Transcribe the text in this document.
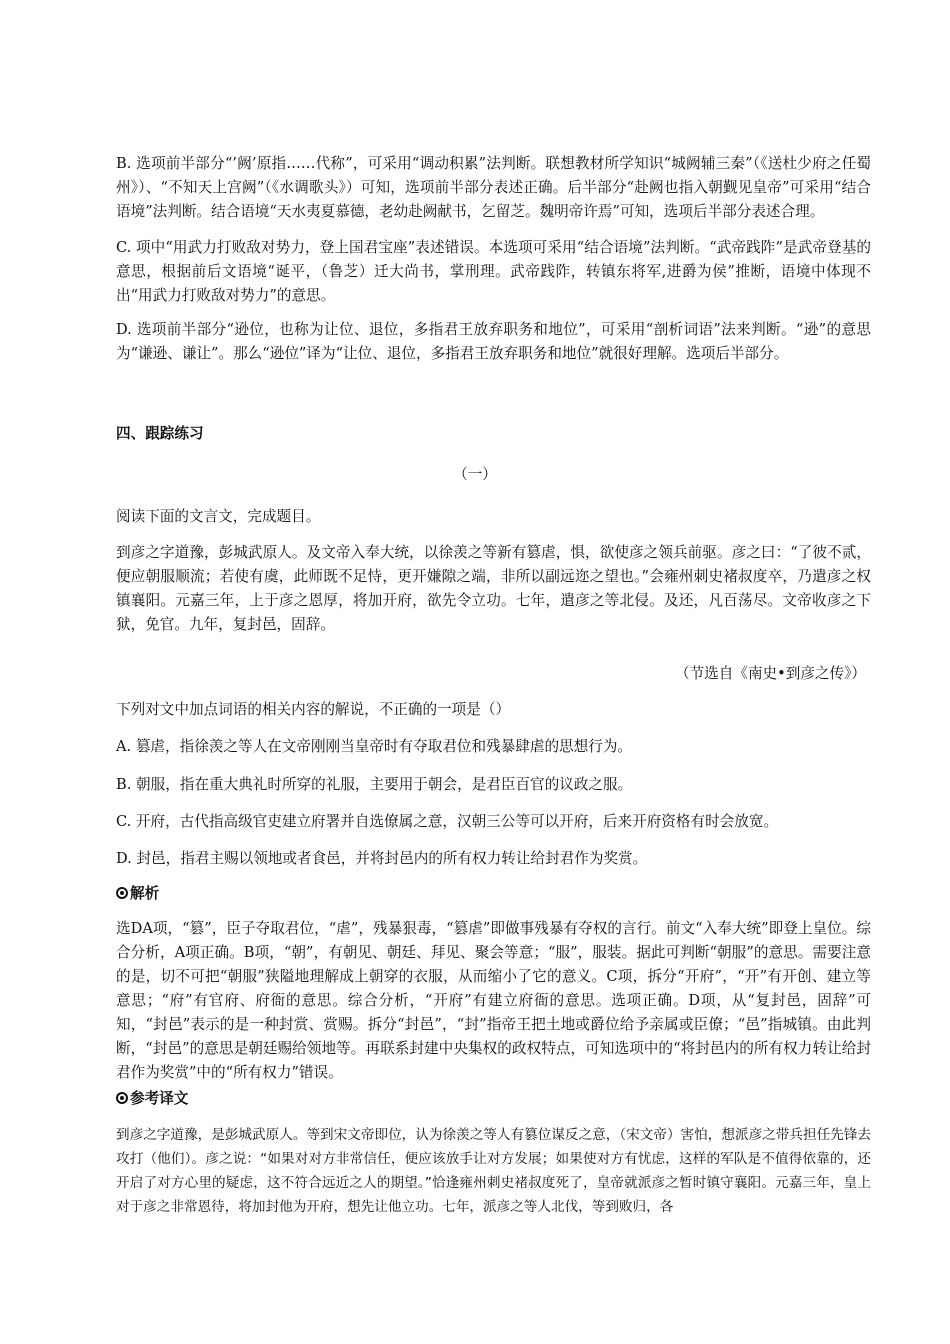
B. 选项前半部分“’阙’原指……代称”，可采用“调动积累”法判断。联想教材所学知识“城阙辅三秦”（《送杜少府之任蜀州》）、“不知天上宫阙”（《水调歌头》）可知，选项前半部分表述正确。后半部分“赴阙也指入朝觐见皇帝”可采用“结合语境”法判断。结合语境“天水夷夏慕德，老幼赴阙献书，乞留芝。魏明帝许焉”可知，选项后半部分表述合理。

C. 项中“用武力打败敌对势力，登上国君宝座”表述错误。本选项可采用“结合语境”法判断。“武帝践阼”是武帝登基的意思，根据前后文语境“诞平，（鲁芝）迁大尚书，掌刑理。武帝践阼，转镇东将军,进爵为侯”推断，语境中体现不出“用武力打败敌对势力”的意思。

D. 选项前半部分“逊位，也称为让位、退位，多指君王放弃职务和地位”，可采用“剖析词语”法来判断。“逊”的意思为“谦逊、谦让”。那么“逊位”译为“让位、退位，多指君王放弃职务和地位”就很好理解。选项后半部分。

四、跟踪练习

（一）

阅读下面的文言文，完成题目。

到彦之字道豫，彭城武原人。及文帝入奉大统，以徐羡之等新有篡虐，惧，欲使彦之领兵前驱。彦之曰：“了彼不贰，便应朝服顺流；若使有虞，此师既不足恃，更开嫌隙之端，非所以副远迩之望也。”会雍州刺史褚叔度卒，乃遣彦之权镇襄阳。元嘉三年，上于彦之恩厚，将加开府，欲先令立功。七年，遣彦之等北侵。及还，凡百荡尽。文帝收彦之下狱，免官。九年，复封邑，固辞。

（节选自《南史•到彦之传》）

下列对文中加点词语的相关内容的解说，不正确的一项是（）

A. 篡虐，指徐羡之等人在文帝刚刚当皇帝时有夺取君位和残暴肆虐的思想行为。

B. 朝服，指在重大典礼时所穿的礼服，主要用于朝会，是君臣百官的议政之服。

C. 开府，古代指高级官吏建立府署并自选僚属之意，汉朝三公等可以开府，后来开府资格有时会放宽。

D. 封邑，指君主赐以领地或者食邑，并将封邑内的所有权力转让给封君作为奖赏。

解析

选DA项，“篡”，臣子夺取君位，“虐”，残暴狠毒，“篡虐”即做事残暴有夺权的言行。前文“入奉大统”即登上皇位。综合分析，A项正确。B项，“朝”，有朝见、朝廷、拜见、聚会等意；“服”，服装。据此可判断“朝服”的意思。需要注意的是，切不可把“朝服”狭隘地理解成上朝穿的衣服，从而缩小了它的意义。C项，拆分“开府”，“开”有开创、建立等意思；“府”有官府、府衙的意思。综合分析，“开府”有建立府衙的意思。选项正确。D项，从“复封邑，固辞”可知，“封邑”表示的是一种封赏、赏赐。拆分“封邑”，“封”指帝王把土地或爵位给予亲属或臣僚；“邑”指城镇。由此判断，“封邑”的意思是朝廷赐给领地等。再联系封建中央集权的政权特点，可知选项中的“将封邑内的所有权力转让给封君作为奖赏”中的“所有权力”错误。

参考译文

到彦之字道豫，是彭城武原人。等到宋文帝即位，认为徐羡之等人有篡位谋反之意，（宋文帝）害怕，想派彦之带兵担任先锋去攻打（他们）。彦之说：“如果对对方非常信任，便应该放手让对方发展；如果使对方有忧虑，这样的军队是不值得依靠的，还开启了对方心里的疑虑，这不符合远近之人的期望。”恰逢雍州刺史褚叔度死了，皇帝就派彦之暂时镇守襄阳。元嘉三年，皇上对于彦之非常恩待，将加封他为开府，想先让他立功。七年，派彦之等人北伐，等到败归，各
